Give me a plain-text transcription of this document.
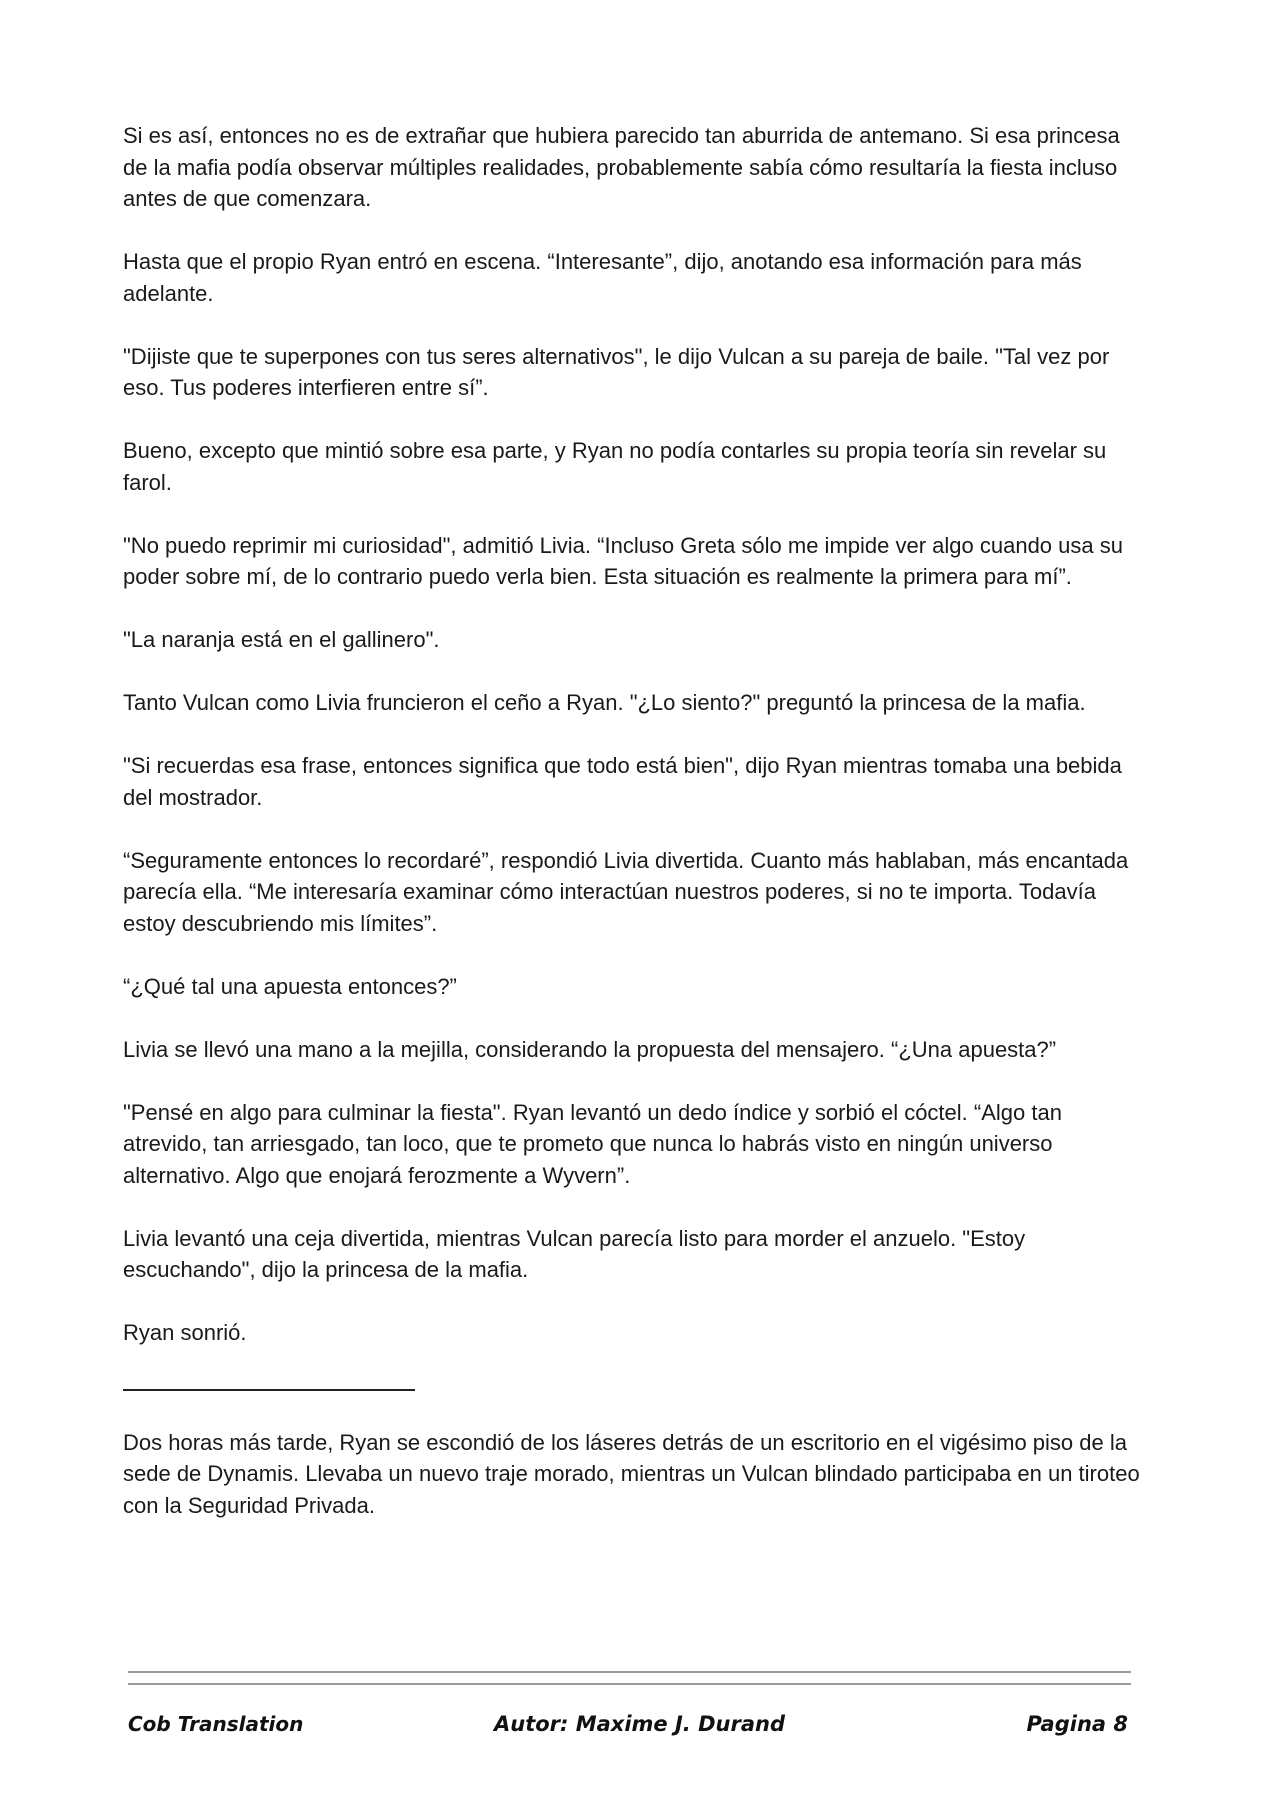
Si es así, entonces no es de extrañar que hubiera parecido tan aburrida de antemano. Si esa princesa de la mafia podía observar múltiples realidades, probablemente sabía cómo resultaría la fiesta incluso antes de que comenzara.

Hasta que el propio Ryan entró en escena. “Interesante”, dijo, anotando esa información para más adelante.

"Dijiste que te superpones con tus seres alternativos", le dijo Vulcan a su pareja de baile. "Tal vez por eso. Tus poderes interfieren entre sí”.

Bueno, excepto que mintió sobre esa parte, y Ryan no podía contarles su propia teoría sin revelar su farol.

"No puedo reprimir mi curiosidad", admitió Livia. “Incluso Greta sólo me impide ver algo cuando usa su poder sobre mí, de lo contrario puedo verla bien. Esta situación es realmente la primera para mí”.

"La naranja está en el gallinero".

Tanto Vulcan como Livia fruncieron el ceño a Ryan. "¿Lo siento?" preguntó la princesa de la mafia.

"Si recuerdas esa frase, entonces significa que todo está bien", dijo Ryan mientras tomaba una bebida del mostrador.

“Seguramente entonces lo recordaré”, respondió Livia divertida. Cuanto más hablaban, más encantada parecía ella. “Me interesaría examinar cómo interactúan nuestros poderes, si no te importa. Todavía estoy descubriendo mis límites”.

“¿Qué tal una apuesta entonces?”

Livia se llevó una mano a la mejilla, considerando la propuesta del mensajero. “¿Una apuesta?”

"Pensé en algo para culminar la fiesta". Ryan levantó un dedo índice y sorbió el cóctel. “Algo tan atrevido, tan arriesgado, tan loco, que te prometo que nunca lo habrás visto en ningún universo alternativo. Algo que enojará ferozmente a Wyvern”.

Livia levantó una ceja divertida, mientras Vulcan parecía listo para morder el anzuelo. "Estoy escuchando", dijo la princesa de la mafia.

Ryan sonrió.

Dos horas más tarde, Ryan se escondió de los láseres detrás de un escritorio en el vigésimo piso de la sede de Dynamis. Llevaba un nuevo traje morado, mientras un Vulcan blindado participaba en un tiroteo con la Seguridad Privada.

Cob Translation	Autor: Maxime J. Durand	Pagina 8
